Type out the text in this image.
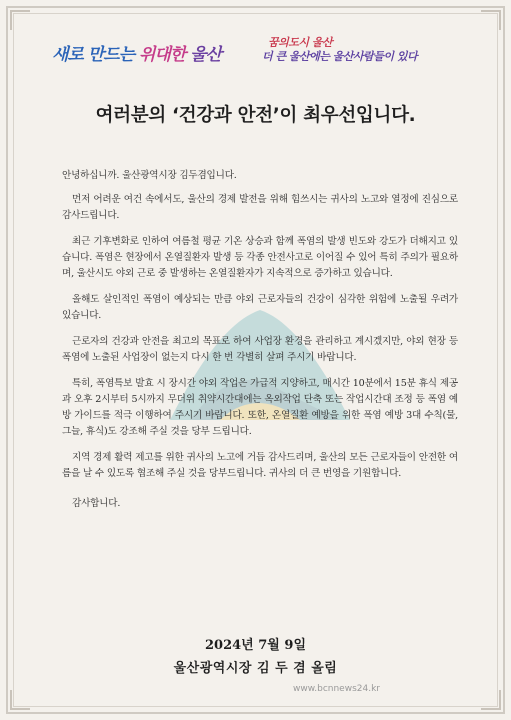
새로 만드는 위대한 울산
꿈의도시 울산
더 큰 울산에는 울산사람들이 있다
여러분의 ‘건강과 안전’이 최우선입니다.

안녕하십니까. 울산광역시장 김두겸입니다.

먼저 어려운 여건 속에서도, 울산의 경제 발전을 위해 힘쓰시는 귀사의 노고와 열정에 진심으로 감사드립니다.

최근 기후변화로 인하여 여름철 평균 기온 상승과 함께 폭염의 발생 빈도와 강도가 더해지고 있습니다. 폭염은 현장에서 온열질환자 발생 등 각종 안전사고로 이어질 수 있어 특히 주의가 필요하며, 울산시도 야외 근로 중 발생하는 온열질환자가 지속적으로 증가하고 있습니다.

올해도 살인적인 폭염이 예상되는 만큼 야외 근로자들의 건강이 심각한 위험에 노출될 우려가 있습니다.

근로자의 건강과 안전을 최고의 목표로 하여 사업장 환경을 관리하고 계시겠지만, 야외 현장 등 폭염에 노출된 사업장이 없는지 다시 한 번 각별히 살펴 주시기 바랍니다.

특히, 폭염특보 발효 시 장시간 야외 작업은 가급적 지양하고, 매시간 10분에서 15분 휴식 제공과 오후 2시부터 5시까지 무더위 취약시간대에는 옥외작업 단축 또는 작업시간대 조정 등 폭염 예방 가이드를 적극 이행하여 주시기 바랍니다. 또한, 온열질환 예방을 위한 폭염 예방 3대 수칙(물, 그늘, 휴식)도 강조해 주실 것을 당부 드립니다.

지역 경제 활력 제고를 위한 귀사의 노고에 거듭 감사드리며, 울산의 모든 근로자들이 안전한 여름을 날 수 있도록 협조해 주실 것을 당부드립니다. 귀사의 더 큰 번영을 기원합니다.

감사합니다.

2024년 7월 9일
울산광역시장 김 두 겸 올림
www.bcnnews24.kr
